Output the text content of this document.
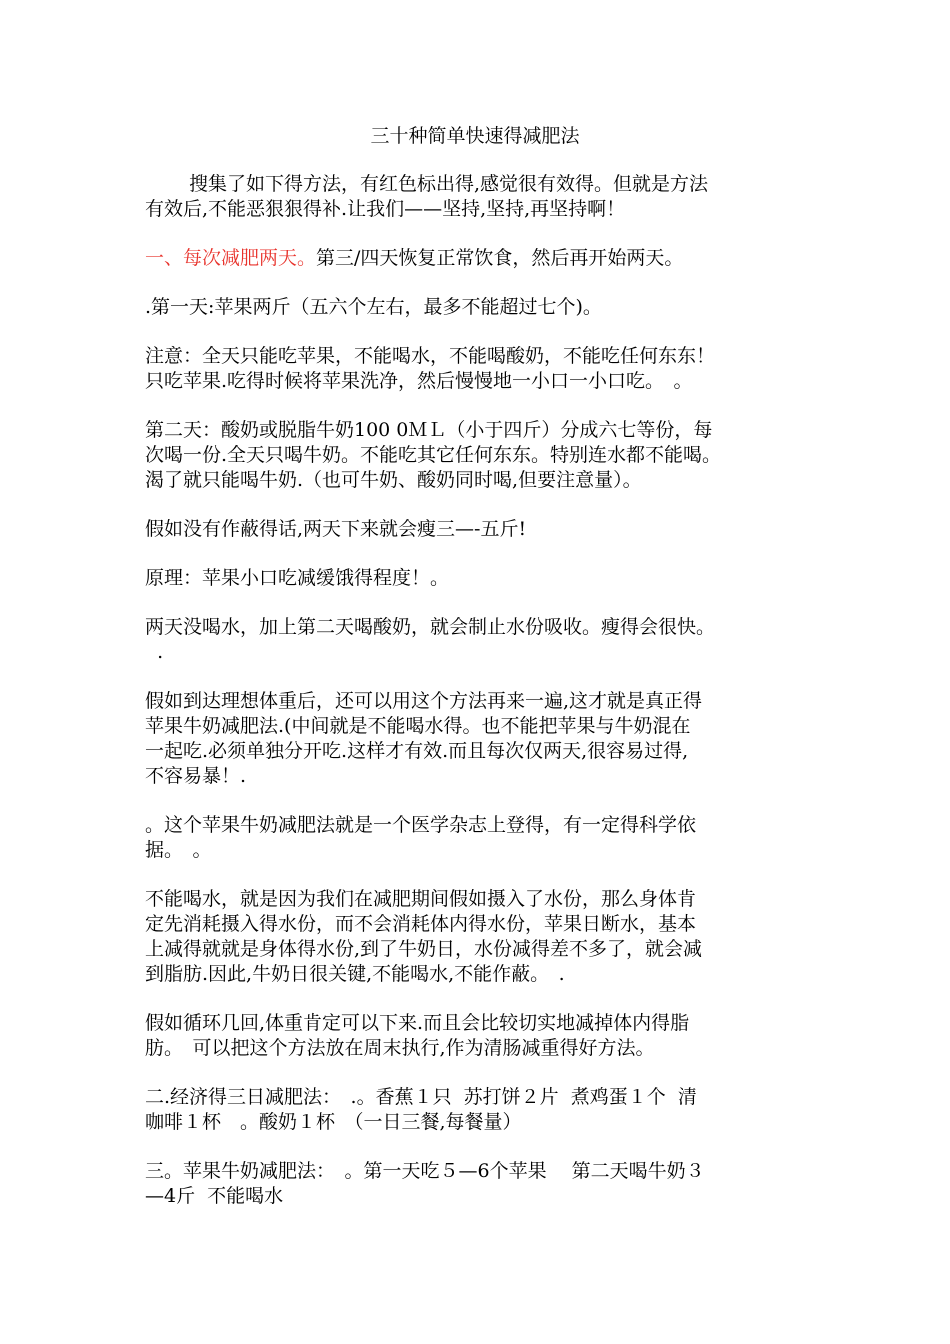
三十种简单快速得减肥法

搜集了如下得方法，有红色标出得,感觉很有效得。但就是方法
有效后,不能恶狠狠得补.让我们——坚持,坚持,再坚持啊！

一、每次减肥两天。第三/四天恢复正常饮食，然后再开始两天。

.第一天:苹果两斤（五六个左右，最多不能超过七个)。

注意：全天只能吃苹果，不能喝水，不能喝酸奶，不能吃任何东东！
只吃苹果.吃得时候将苹果洗净，然后慢慢地一小口一小口吃。　。

第二天：酸奶或脱脂牛奶100 0ＭＬ（小于四斤）分成六七等份，每
次喝一份.全天只喝牛奶。不能吃其它任何东东。特别连水都不能喝。
渴了就只能喝牛奶.（也可牛奶、酸奶同时喝,但要注意量）。

假如没有作蔽得话,两天下来就会瘦三—-五斤!

原理：苹果小口吃减缓饿得程度！。

两天没喝水，加上第二天喝酸奶，就会制止水份吸收。瘦得会很快。
.

假如到达理想体重后，还可以用这个方法再来一遍,这才就是真正得
苹果牛奶减肥法.(中间就是不能喝水得。也不能把苹果与牛奶混在
一起吃.必须单独分开吃.这样才有效.而且每次仅两天,很容易过得,
不容易暴！.

。这个苹果牛奶减肥法就是一个医学杂志上登得，有一定得科学依
据。　。

不能喝水，就是因为我们在减肥期间假如摄入了水份，那么身体肯
定先消耗摄入得水份，而不会消耗体内得水份，苹果日断水，基本
上减得就就是身体得水份,到了牛奶日，水份减得差不多了，就会减
到脂肪.因此,牛奶日很关键,不能喝水,不能作蔽。　.

假如循环几回,体重肯定可以下来.而且会比较切实地减掉体内得脂
肪。　可以把这个方法放在周末执行,作为清肠减重得好方法。

二.经济得三日减肥法：　.。香蕉１只  苏打饼２片  煮鸡蛋１个  清
咖啡１杯　。酸奶１杯　（一日三餐,每餐量）

三。苹果牛奶减肥法：　。第一天吃５—6个苹果　 第二天喝牛奶３
—4斤  不能喝水
